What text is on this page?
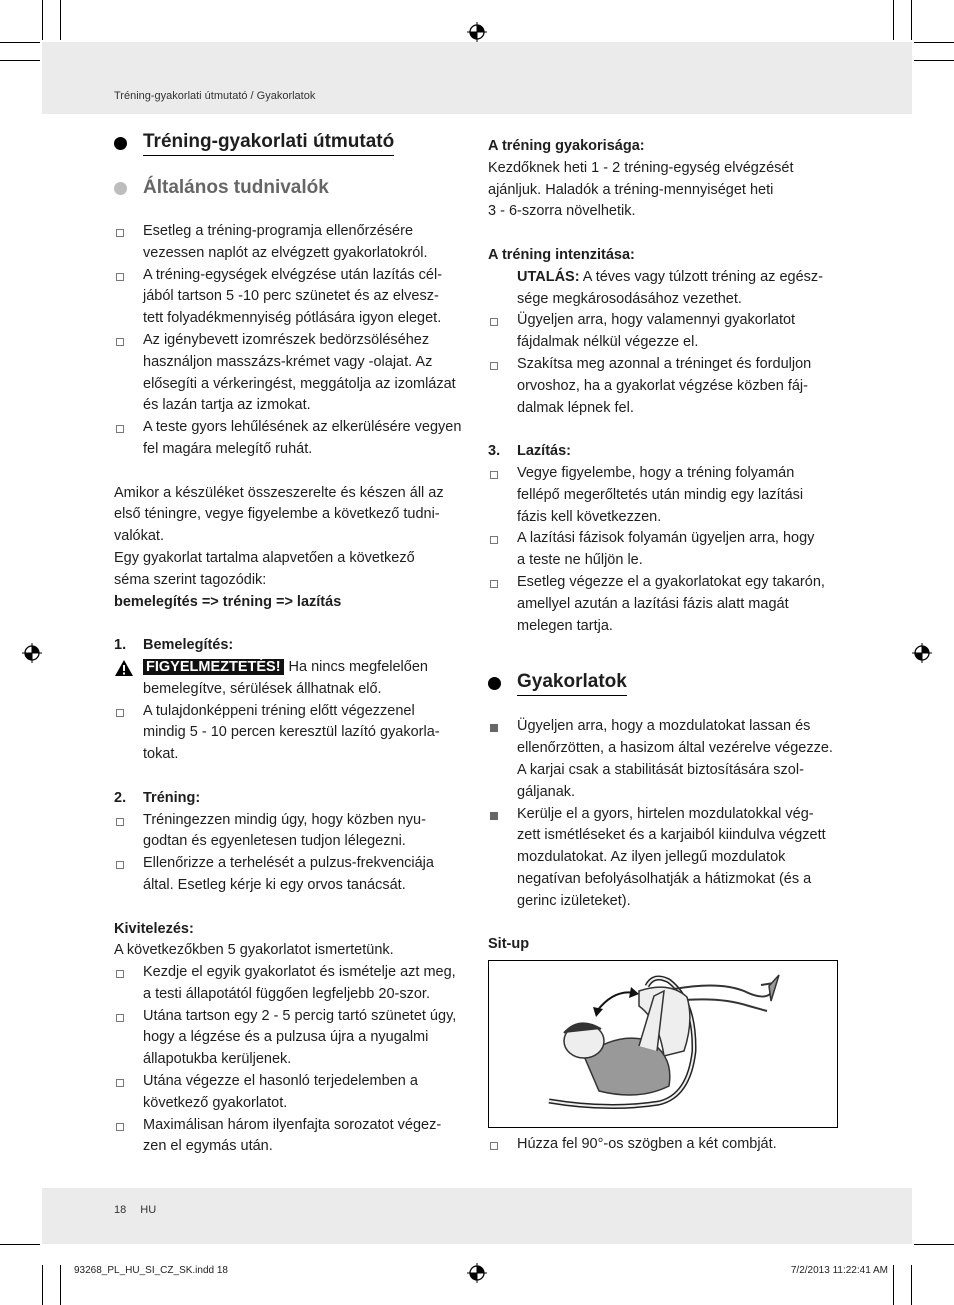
Tréning-gyakorlati útmutató / Gyakorlatok
Tréning-gyakorlati útmutató
Általános tudnivalók
Esetleg a tréning-programja ellenőrzésére
vezessen naplót az elvégzett gyakorlatokról.
A tréning-egységek elvégzése után lazítás cél-
jából tartson 5 -10 perc szünetet és az elvesz-
tett folyadékmennyiség pótlására igyon eleget.
Az igénybevett izomrészek bedörzsöléséhez
használjon masszázs-krémet vagy -olajat. Az
elősegíti a vérkeringést, meggátolja az izomlázat
és lazán tartja az izmokat.
A teste gyors lehűlésének az elkerülésére vegyen
fel magára melegítő ruhát.
Amikor a készüléket összeszerelte és készen áll az
első téningre, vegye figyelembe a következő tudni-
valókat.
Egy gyakorlat tartalma alapvetően a következő
séma szerint tagozódik:
bemelegítés => tréning => lazítás
1.	Bemelegítés:
FIGYELMEZTETÉS! Ha nincs megfelelően
bemelegítve, sérülések állhatnak elő.
A tulajdonképpeni tréning előtt végezzenel
mindig 5 - 10 percen keresztül lazító gyakorla-
tokat.
2.	Tréning:
Tréningezzen mindig úgy, hogy közben nyu-
godtan és egyenletesen tudjon lélegezni.
Ellenőrizze a terhelését a pulzus-frekvenciája
által. Esetleg kérje ki egy orvos tanácsát.
Kivitelezés:
A következőkben 5 gyakorlatot ismertetünk.
Kezdje el egyik gyakorlatot és ismételje azt meg,
a testi állapotától függően legfeljebb 20-szor.
Utána tartson egy 2 - 5 percig tartó szünetet úgy,
hogy a légzése és a pulzusa újra a nyugalmi
állapotukba kerüljenek.
Utána végezze el hasonló terjedelemben a
következő gyakorlatot.
Maximálisan három ilyenfajta sorozatot végez-
zen el egymás után.
A tréning gyakorisága:
Kezdőknek heti 1 - 2 tréning-egység elvégzését
ajánljuk. Haladók a tréning-mennyiséget heti
3 - 6-szorra növelhetik.
A tréning intenzitása:
UTALÁS: A téves vagy túlzott tréning az egész-
sége megkárosodásához vezethet.
Ügyeljen arra, hogy valamennyi gyakorlatot
fájdalmak nélkül végezze el.
Szakítsa meg azonnal a tréninget és forduljon
orvoshoz, ha a gyakorlat végzése közben fáj-
dalmak lépnek fel.
3.	Lazítás:
Vegye figyelembe, hogy a tréning folyamán
fellépő megerőltetés után mindig egy lazítási
fázis kell következzen.
A lazítási fázisok folyamán ügyeljen arra, hogy
a teste ne hűljön le.
Esetleg végezze el a gyakorlatokat egy takarón,
amellyel azután a lazítási fázis alatt magát
melegen tartja.
Gyakorlatok
Ügyeljen arra, hogy a mozdulatokat lassan és
ellenőrzötten, a hasizom által vezérelve végezze.
A karjai csak a stabilitását biztosítására szol-
gáljanak.
Kerülje el a gyors, hirtelen mozdulatokkal vég-
zett ismétléseket és a karjaiból kiindulva végzett
mozdulatokat. Az ilyen jellegű mozdulatok
negatívan befolyásolhatják a hátizmokat (és a
gerinc izületeket).
Sit-up
Húzza fel 90°-os szögben a két combját.
18 HU
93268_PL_HU_SI_CZ_SK.indd 18	7/2/2013 11:22:41 AM
